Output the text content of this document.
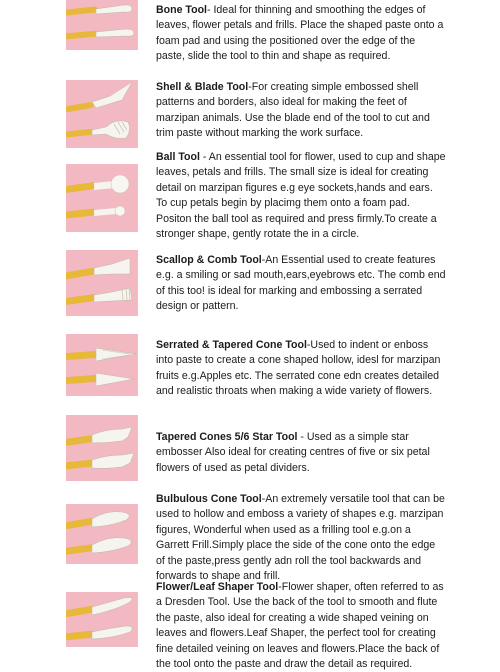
Bone Tool- Ideal for thinning and smoothing the edges of leaves, flower petals and frills. Place the shaped paste onto a foam pad and using the positioned over the edge of the paste, slide the tool to thin and shape as required.

Shell & Blade Tool-For creating simple embossed shell patterns and borders, also ideal for making the feet of marzipan animals. Use the blade end of the tool to cut and trim paste without marking the work surface.

Ball Tool - An essential tool for flower, used to cup and shape leaves, petals and frills. The small size is ideal for creating detail on marzipan figures e.g eye sockets,hands and ears. To cup petals begin by placimg them onto a foam pad. Positon the ball tool as required and press firmly.To create a stronger shape, gently rotate the in a circle.

Scallop & Comb Tool-An Essential used to create features e.g. a smiling or sad mouth,ears,eyebrows etc. The comb end of this too! is ideal for marking and embossing a serrated design or pattern.

Serrated & Tapered Cone Tool-Used to indent or enboss into paste to create a cone shaped hollow, idesl for marzipan fruits e.g.Apples etc. The serrated cone edn creates detailed and realistic throats when making a wide variety of flowers.

Tapered Cones 5/6 Star Tool - Used as a simple star embosser Also ideal for creating centres of five or six petal flowers of used as petal dividers.

Bulbulous Cone Tool-An extremely versatile tool that can be used to hollow and emboss a variety of shapes e.g. marzipan figures, Wonderful when used as a frilling tool e.g.on a Garrett Frill.Simply place the side of the cone onto the edge of the paste,press gently adn roll the tool backwards and forwards to shape and frill.

Flower/Leaf Shaper Tool-Flower shaper, often referred to as a Dresden Tool. Use the back of the tool to smooth and flute the paste, also ideal for creating a wide shaped veining on leaves and flowers.Leaf Shaper, the perfect tool for creating fine detailed veining on leaves and flowers.Place the back of the tool onto the paste and draw the detail as required.
